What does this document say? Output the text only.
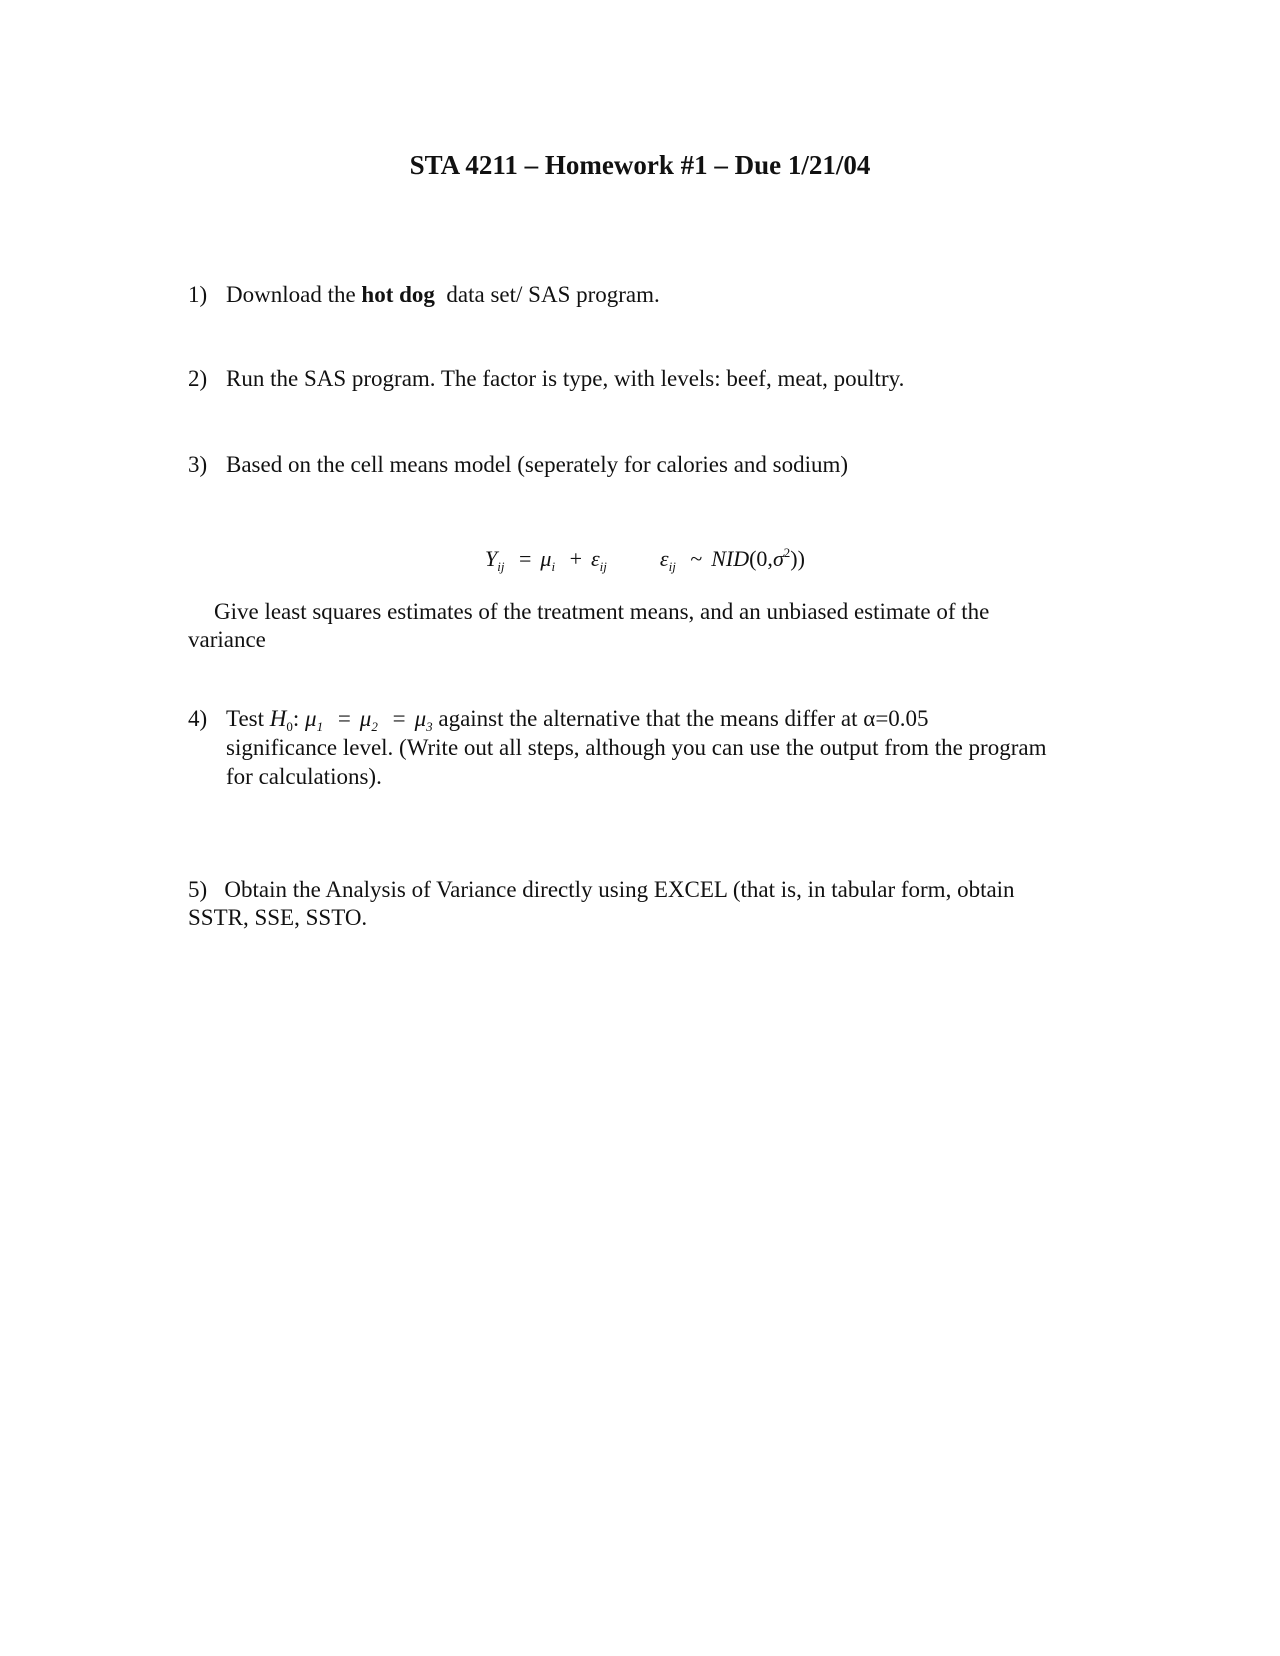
STA 4211 – Homework #1 – Due 1/21/04
1) Download the hot dog data set/ SAS program.
2) Run the SAS program. The factor is type, with levels: beef, meat, poultry.
3) Based on the cell means model (seperately for calories and sodium)
$Y_{ij} = \mu_i + \varepsilon_{ij}$ $\varepsilon_{ij}$ ~ $NID(0,\sigma^2)$)
Give least squares estimates of the treatment means, and an unbiased estimate of the variance
4) Test $H_0$: $\mu_1 = \mu_2 = \mu_3$ against the alternative that the means differ at α=0.05
significance level. (Write out all steps, although you can use the output from the program for calculations).
5) Obtain the Analysis of Variance directly using EXCEL (that is, in tabular form, obtain SSTR, SSE, SSTO.
